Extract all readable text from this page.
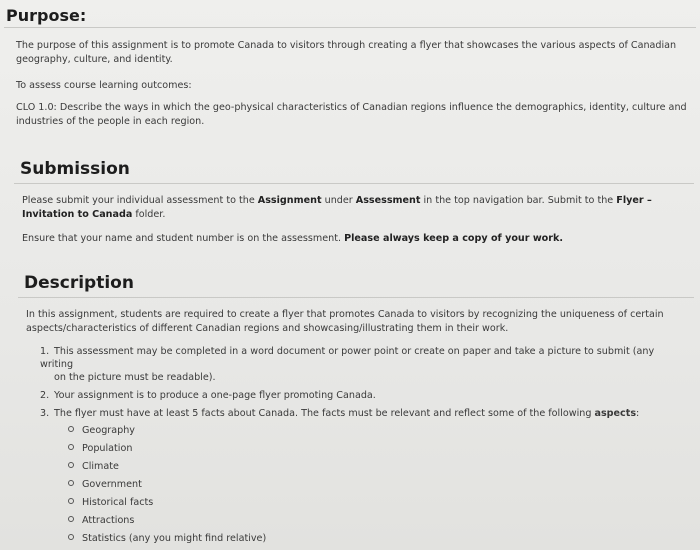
Purpose:
The purpose of this assignment is to promote Canada to visitors through creating a flyer that showcases the various aspects of Canadian geography, culture, and identity.
To assess course learning outcomes:
CLO 1.0: Describe the ways in which the geo-physical characteristics of Canadian regions influence the demographics, identity, culture and industries of the people in each region.
Submission
Please submit your individual assessment to the Assignment under Assessment in the top navigation bar. Submit to the Flyer – Invitation to Canada folder.
Ensure that your name and student number is on the assessment. Please always keep a copy of your work.
Description
In this assignment, students are required to create a flyer that promotes Canada to visitors by recognizing the uniqueness of certain aspects/characteristics of different Canadian regions and showcasing/illustrating them in their work.
1. This assessment may be completed in a word document or power point or create on paper and take a picture to submit (any writing
on the picture must be readable).
2. Your assignment is to produce a one-page flyer promoting Canada.
3. The flyer must have at least 5 facts about Canada. The facts must be relevant and reflect some of the following aspects:
Geography
Population
Climate
Government
Historical facts
Attractions
Statistics (any you might find relative)
